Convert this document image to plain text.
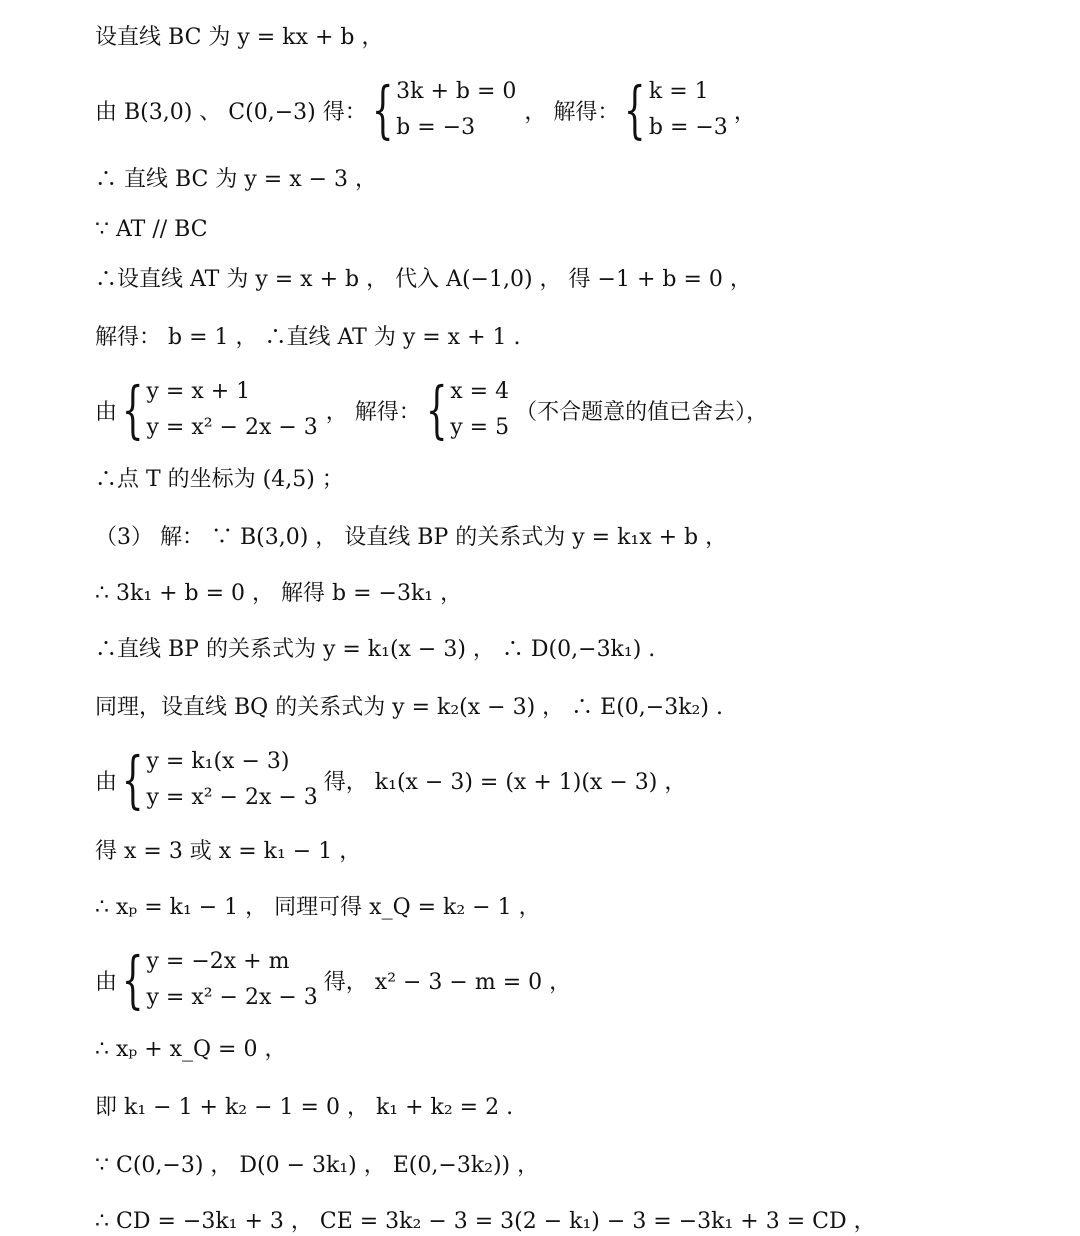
设直线 BC 为 y = kx + b ，
由 B(3,0) 、 C(0,−3) 得： { 3k + b = 0
b = −3
， 解得： { k = 1
b = −3
，
∴ 直线 BC 为 y = x − 3 ，
∵ AT // BC
∴设直线 AT 为 y = x + b ， 代入 A(−1,0) ， 得 −1 + b = 0 ，
解得： b = 1 ， ∴直线 AT 为 y = x + 1 .
由 { y = x + 1
y = x² − 2x − 3
， 解得： { x = 4
y = 5
（不合题意的值已舍去），
∴点 T 的坐标为 (4,5) ；
（3） 解： ∵ B(3,0) ， 设直线 BP 的关系式为 y = k₁x + b ，
∴ 3k₁ + b = 0 ， 解得 b = −3k₁ ，
∴直线 BP 的关系式为 y = k₁(x − 3) ， ∴ D(0,−3k₁) .
同理，设直线 BQ 的关系式为 y = k₂(x − 3) ， ∴ E(0,−3k₂) .
由 { y = k₁(x − 3)
y = x² − 2x − 3
得， k₁(x − 3) = (x + 1)(x − 3) ，
得 x = 3 或 x = k₁ − 1 ，
∴ xₚ = k₁ − 1 ， 同理可得 x_Q = k₂ − 1 ，
由 { y = −2x + m
y = x² − 2x − 3
得， x² − 3 − m = 0 ，
∴ xₚ + x_Q = 0 ，
即 k₁ − 1 + k₂ − 1 = 0 ， k₁ + k₂ = 2 .
∵ C(0,−3) ， D(0 − 3k₁) ， E(0,−3k₂)) ，
∴ CD = −3k₁ + 3 ， CE = 3k₂ − 3 = 3(2 − k₁) − 3 = −3k₁ + 3 = CD ，
